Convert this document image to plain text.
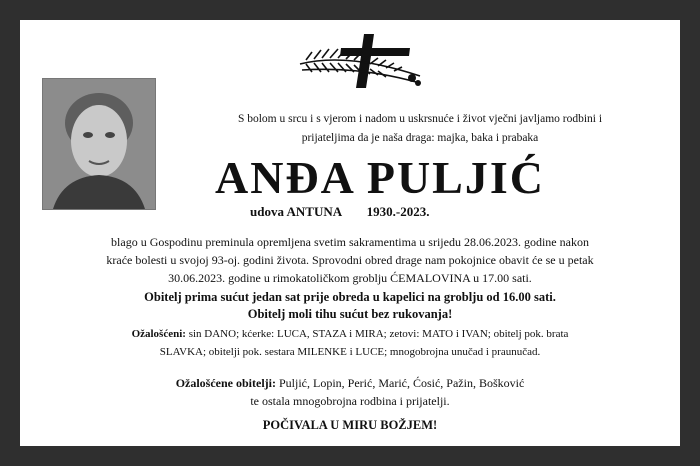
S bolom u srcu i s vjerom i nadom u uskrsnuće i život vječni javljamo rodbini i
prijateljima da je naša draga: majka, baka i prabaka
ANĐA PULJIĆ
udova ANTUNA 1930.-2023.
blago u Gospodinu preminula opremljena svetim sakramentima u srijedu 28.06.2023. godine nakon
kraće bolesti u svojoj 93-oj. godini života. Sprovodni obred drage nam pokojnice obavit će se u petak
30.06.2023. godine u rimokatoličkom groblju ĆEMALOVINA u 17.00 sati.
Obitelj prima sućut jedan sat prije obreda u kapelici na groblju od 16.00 sati.
Obitelj moli tihu sućut bez rukovanja!
Ožalošćeni: sin DANO; kćerke: LUCA, STAZA i MIRA; zetovi: MATO i IVAN; obitelj pok. brata
SLAVKA; obitelji pok. sestara MILENKE i LUCE; mnogobrojna unučad i praunučad.
Ožalošćene obitelji: Puljić, Lopin, Perić, Marić, Ćosić, Pažin, Bošković
te ostala mnogobrojna rodbina i prijatelji.
POČIVALA U MIRU BOŽJEM!
